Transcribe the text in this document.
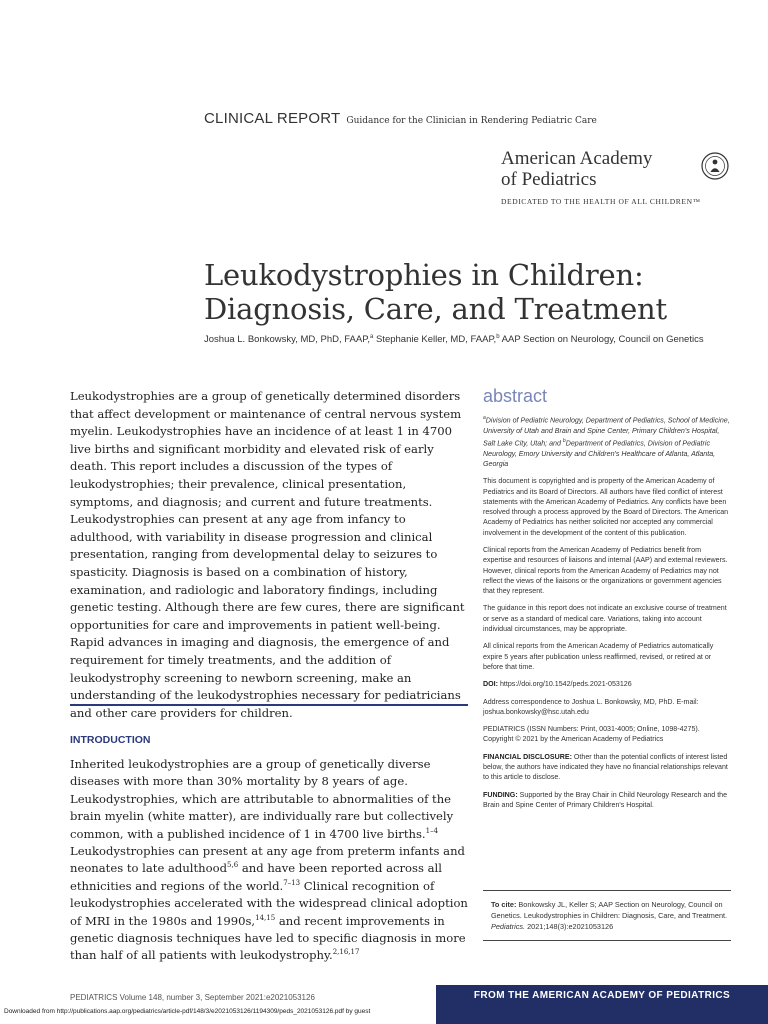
CLINICAL REPORT Guidance for the Clinician in Rendering Pediatric Care
American Academy
of Pediatrics
DEDICATED TO THE HEALTH OF ALL CHILDREN™
Leukodystrophies in Children:
Diagnosis, Care, and Treatment
Joshua L. Bonkowsky, MD, PhD, FAAP,$^a$ Stephanie Keller, MD, FAAP,$^b$ AAP Section on Neurology, Council on Genetics
Leukodystrophies are a group of genetically determined disorders that affect development or maintenance of central nervous system myelin. Leukodystrophies have an incidence of at least 1 in 4700 live births and significant morbidity and elevated risk of early death. This report includes a discussion of the types of leukodystrophies; their prevalence, clinical presentation, symptoms, and diagnosis; and current and future treatments. Leukodystrophies can present at any age from infancy to adulthood, with variability in disease progression and clinical presentation, ranging from developmental delay to seizures to spasticity. Diagnosis is based on a combination of history, examination, and radiologic and laboratory findings, including genetic testing. Although there are few cures, there are significant opportunities for care and improvements in patient well-being. Rapid advances in imaging and diagnosis, the emergence of and requirement for timely treatments, and the addition of leukodystrophy screening to newborn screening, make an understanding of the leukodystrophies necessary for pediatricians and other care providers for children.
INTRODUCTION
Inherited leukodystrophies are a group of genetically diverse diseases with more than 30% mortality by 8 years of age. Leukodystrophies, which are attributable to abnormalities of the brain myelin (white matter), are individually rare but collectively common, with a published incidence of 1 in 4700 live births.$^{1-4}$ Leukodystrophies can present at any age from preterm infants and neonates to late adulthood$^{5,6}$ and have been reported across all ethnicities and regions of the world.$^{7-13}$ Clinical recognition of leukodystrophies accelerated with the widespread clinical adoption of MRI in the 1980s and 1990s,$^{14,15}$ and recent improvements in genetic diagnosis techniques have led to specific diagnosis in more than half of all patients with leukodystrophy.$^{2,16,17}$
abstract

$^a$Division of Pediatric Neurology, Department of Pediatrics, School of Medicine, University of Utah and Brain and Spine Center, Primary Children's Hospital, Salt Lake City, Utah; and $^b$Department of Pediatrics, Division of Pediatric Neurology, Emory University and Children's Healthcare of Atlanta, Atlanta, Georgia

This document is copyrighted and is property of the American Academy of Pediatrics and its Board of Directors. All authors have filed conflict of interest statements with the American Academy of Pediatrics. Any conflicts have been resolved through a process approved by the Board of Directors. The American Academy of Pediatrics has neither solicited nor accepted any commercial involvement in the development of the content of this publication.

Clinical reports from the American Academy of Pediatrics benefit from expertise and resources of liaisons and internal (AAP) and external reviewers. However, clinical reports from the American Academy of Pediatrics may not reflect the views of the liaisons or the organizations or government agencies that they represent.

The guidance in this report does not indicate an exclusive course of treatment or serve as a standard of medical care. Variations, taking into account individual circumstances, may be appropriate.

All clinical reports from the American Academy of Pediatrics automatically expire 5 years after publication unless reaffirmed, revised, or retired at or before that time.

DOI: https://doi.org/10.1542/peds.2021-053126

Address correspondence to Joshua L. Bonkowsky, MD, PhD. E-mail: joshua.bonkowsky@hsc.utah.edu

PEDIATRICS (ISSN Numbers: Print, 0031-4005; Online, 1098-4275).

Copyright © 2021 by the American Academy of Pediatrics

FINANCIAL DISCLOSURE: Other than the potential conflicts of interest listed below, the authors have indicated they have no financial relationships relevant to this article to disclose.

FUNDING: Supported by the Bray Chair in Child Neurology Research and the Brain and Spine Center of Primary Children's Hospital.

To cite: Bonkowsky JL, Keller S; AAP Section on Neurology, Council on Genetics. Leukodystrophies in Children: Diagnosis, Care, and Treatment. Pediatrics. 2021;148(3):e2021053126
PEDIATRICS Volume 148, number 3, September 2021:e2021053126	FROM THE AMERICAN ACADEMY OF PEDIATRICS
Downloaded from http://publications.aap.org/pediatrics/article-pdf/148/3/e2021053126/1194309/peds_2021053126.pdf by guest
